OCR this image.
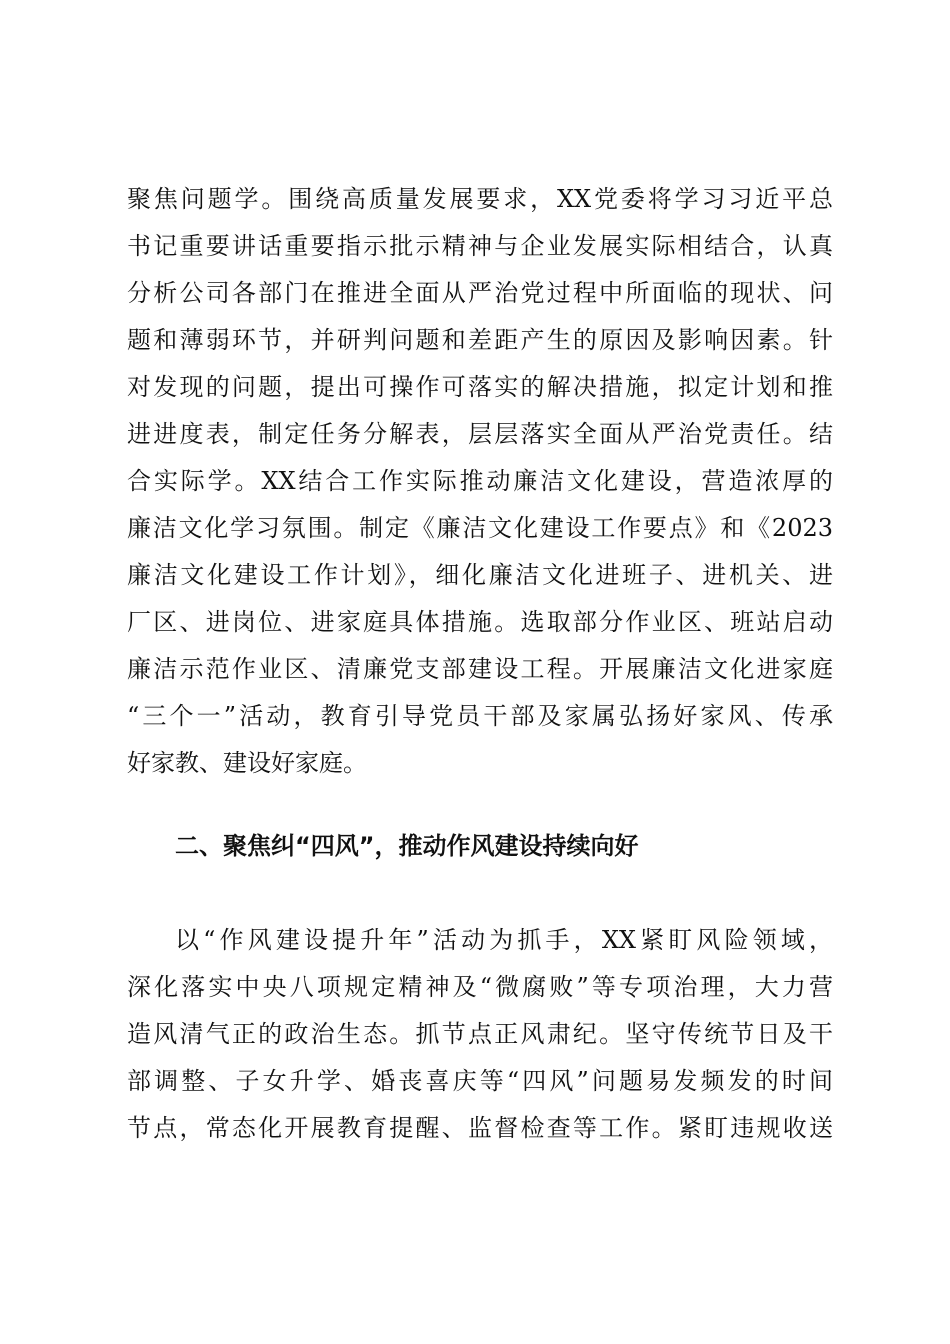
聚焦问题学。围绕高质量发展要求，XX党委将学习习近平总
书记重要讲话重要指示批示精神与企业发展实际相结合，认真
分析公司各部门在推进全面从严治党过程中所面临的现状、问
题和薄弱环节，并研判问题和差距产生的原因及影响因素。针
对发现的问题，提出可操作可落实的解决措施，拟定计划和推
进进度表，制定任务分解表，层层落实全面从严治党责任。结
合实际学。XX结合工作实际推动廉洁文化建设，营造浓厚的
廉洁文化学习氛围。制定《廉洁文化建设工作要点》和《2023
廉洁文化建设工作计划》，细化廉洁文化进班子、进机关、进
厂区、进岗位、进家庭具体措施。选取部分作业区、班站启动
廉洁示范作业区、清廉党支部建设工程。开展廉洁文化进家庭
“三个一”活动，教育引导党员干部及家属弘扬好家风、传承
好家教、建设好家庭。
二、聚焦纠“四风”，推动作风建设持续向好
以“作风建设提升年”活动为抓手，XX紧盯风险领域，
深化落实中央八项规定精神及“微腐败”等专项治理，大力营
造风清气正的政治生态。抓节点正风肃纪。坚守传统节日及干
部调整、子女升学、婚丧喜庆等“四风”问题易发频发的时间
节点，常态化开展教育提醒、监督检查等工作。紧盯违规收送
